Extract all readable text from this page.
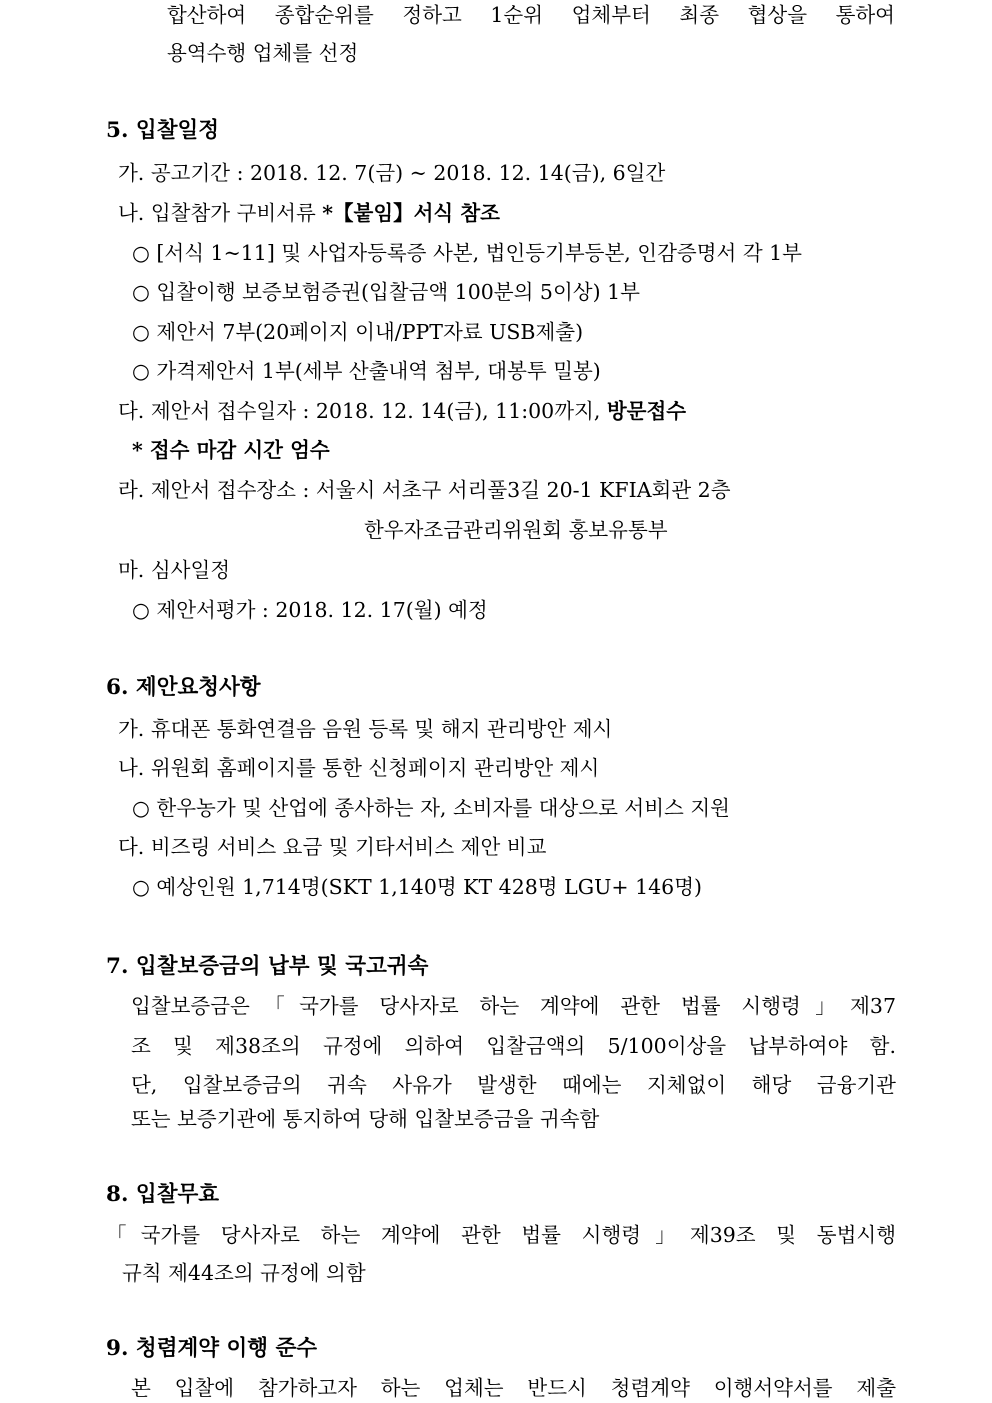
합산하여 종합순위를 정하고 1순위 업체부터 최종 협상을 통하여
용역수행 업체를 선정
5. 입찰일정
가. 공고기간 : 2018. 12. 7(금) ~ 2018. 12. 14(금), 6일간
나. 입찰참가 구비서류 *【붙임】서식 참조
○ [서식 1~11] 및 사업자등록증 사본, 법인등기부등본, 인감증명서 각 1부
○ 입찰이행 보증보험증권(입찰금액 100분의 5이상) 1부
○ 제안서 7부(20페이지 이내/PPT자료 USB제출)
○ 가격제안서 1부(세부 산출내역 첨부, 대봉투 밀봉)
다. 제안서 접수일자 : 2018. 12. 14(금), 11:00까지, 방문접수
* 접수 마감 시간 엄수
라. 제안서 접수장소 : 서울시 서초구 서리풀3길 20-1 KFIA회관 2층
한우자조금관리위원회 홍보유통부
마. 심사일정
○ 제안서평가 : 2018. 12. 17(월) 예정
6. 제안요청사항
가. 휴대폰 통화연결음 음원 등록 및 해지 관리방안 제시
나. 위원회 홈페이지를 통한 신청페이지 관리방안 제시
○ 한우농가 및 산업에 종사하는 자, 소비자를 대상으로 서비스 지원
다. 비즈링 서비스 요금 및 기타서비스 제안 비교
○ 예상인원 1,714명(SKT 1,140명 KT 428명 LGU+ 146명)
7. 입찰보증금의 납부 및 국고귀속
입찰보증금은「국가를 당사자로 하는 계약에 관한 법률 시행령」제37
조 및 제38조의 규정에 의하여 입찰금액의 5/100이상을 납부하여야 함.
단, 입찰보증금의 귀속 사유가 발생한 때에는 지체없이 해당 금융기관
또는 보증기관에 통지하여 당해 입찰보증금을 귀속함
8. 입찰무효
「국가를 당사자로 하는 계약에 관한 법률 시행령」제39조 및 동법시행
규칙 제44조의 규정에 의함
9. 청렴계약 이행 준수
본 입찰에 참가하고자 하는 업체는 반드시 청렴계약 이행서약서를 제출
